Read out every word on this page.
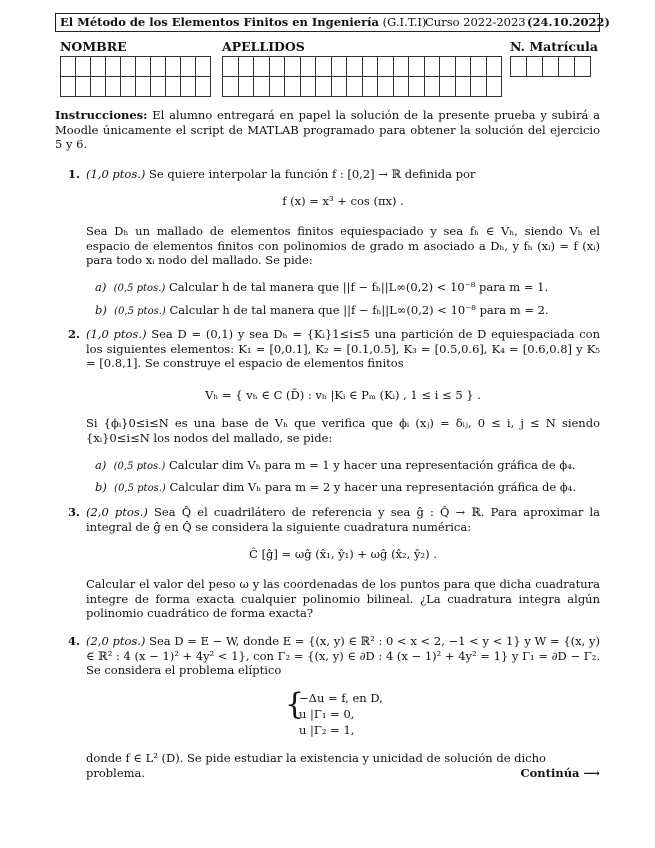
El Método de los Elementos Finitos en Ingeniería (G.I.T.I)
Curso 2022-2023 (24.10.2022)
NOMBRE	APELLIDOS	N. Matrícula

Instrucciones: El alumno entregará en papel la solución de la presente prueba y subirá a Moodle únicamente el script de MATLAB programado para obtener la solución del ejercicio 5 y 6.
1. (1,0 ptos.) Se quiere interpolar la función f : [0,2] → ℝ definida por
f (x) = x³ + cos (πx) .
Sea Dₕ un mallado de elementos finitos equiespaciado y sea fₕ ∈ Vₕ, siendo Vₕ el espacio de elementos finitos con polinomios de grado m asociado a Dₕ, y fₕ (xᵢ) = f (xᵢ) para todo xᵢ nodo del mallado. Se pide:
a) (0,5 ptos.) Calcular h de tal manera que ||f − fₕ||L∞(0,2) < 10⁻⁸ para m = 1.
b) (0,5 ptos.) Calcular h de tal manera que ||f − fₕ||L∞(0,2) < 10⁻⁸ para m = 2.
2. (1,0 ptos.) Sea D = (0,1) y sea Dₕ = {Kᵢ}1≤i≤5 una partición de D equiespaciada con los siguientes elementos: K₁ = [0,0.1], K₂ = [0.1,0.5], K₃ = [0.5,0.6], K₄ = [0.6,0.8] y K₅ = [0.8,1]. Se construye el espacio de elementos finitos
Vₕ = { vₕ ∈ C (D̄) : vₕ |Kᵢ ∈ Pₘ (Kᵢ) , 1 ≤ i ≤ 5 } .
Si {ϕᵢ}0≤i≤N es una base de Vₕ que verifica que ϕᵢ (xⱼ) = δᵢⱼ, 0 ≤ i, j ≤ N siendo {xᵢ}0≤i≤N los nodos del mallado, se pide:
a) (0,5 ptos.) Calcular dim Vₕ para m = 1 y hacer una representación gráfica de ϕ₄.
b) (0,5 ptos.) Calcular dim Vₕ para m = 2 y hacer una representación gráfica de ϕ₄.
3. (2,0 ptos.) Sea Q̂ el cuadrilátero de referencia y sea ĝ : Q̂ → ℝ. Para aproximar la integral de ĝ en Q̂ se considera la siguiente cuadratura numérica:
Ĉ [ĝ] = ωĝ (x̂₁, ŷ₁) + ωĝ (x̂₂, ŷ₂) .
Calcular el valor del peso ω y las coordenadas de los puntos para que dicha cuadratura integre de forma exacta cualquier polinomio bilineal. ¿La cuadratura integra algún polinomio cuadrático de forma exacta?
4. (2,0 ptos.) Sea D = E − W, donde E = {(x, y) ∈ ℝ² : 0 < x < 2, −1 < y < 1} y W = {(x, y) ∈ ℝ² : 4 (x − 1)² + 4y² < 1}, con Γ₂ = {(x, y) ∈ ∂D : 4 (x − 1)² + 4y² = 1} y Γ₁ = ∂D − Γ₂. Se considera el problema elíptico
{
−Δu = f, en D,
u |Γ₁ = 0,
u |Γ₂ = 1,
donde f ∈ L² (D). Se pide estudiar la existencia y unicidad de solución de dicho problema.	Continúa ⟶
